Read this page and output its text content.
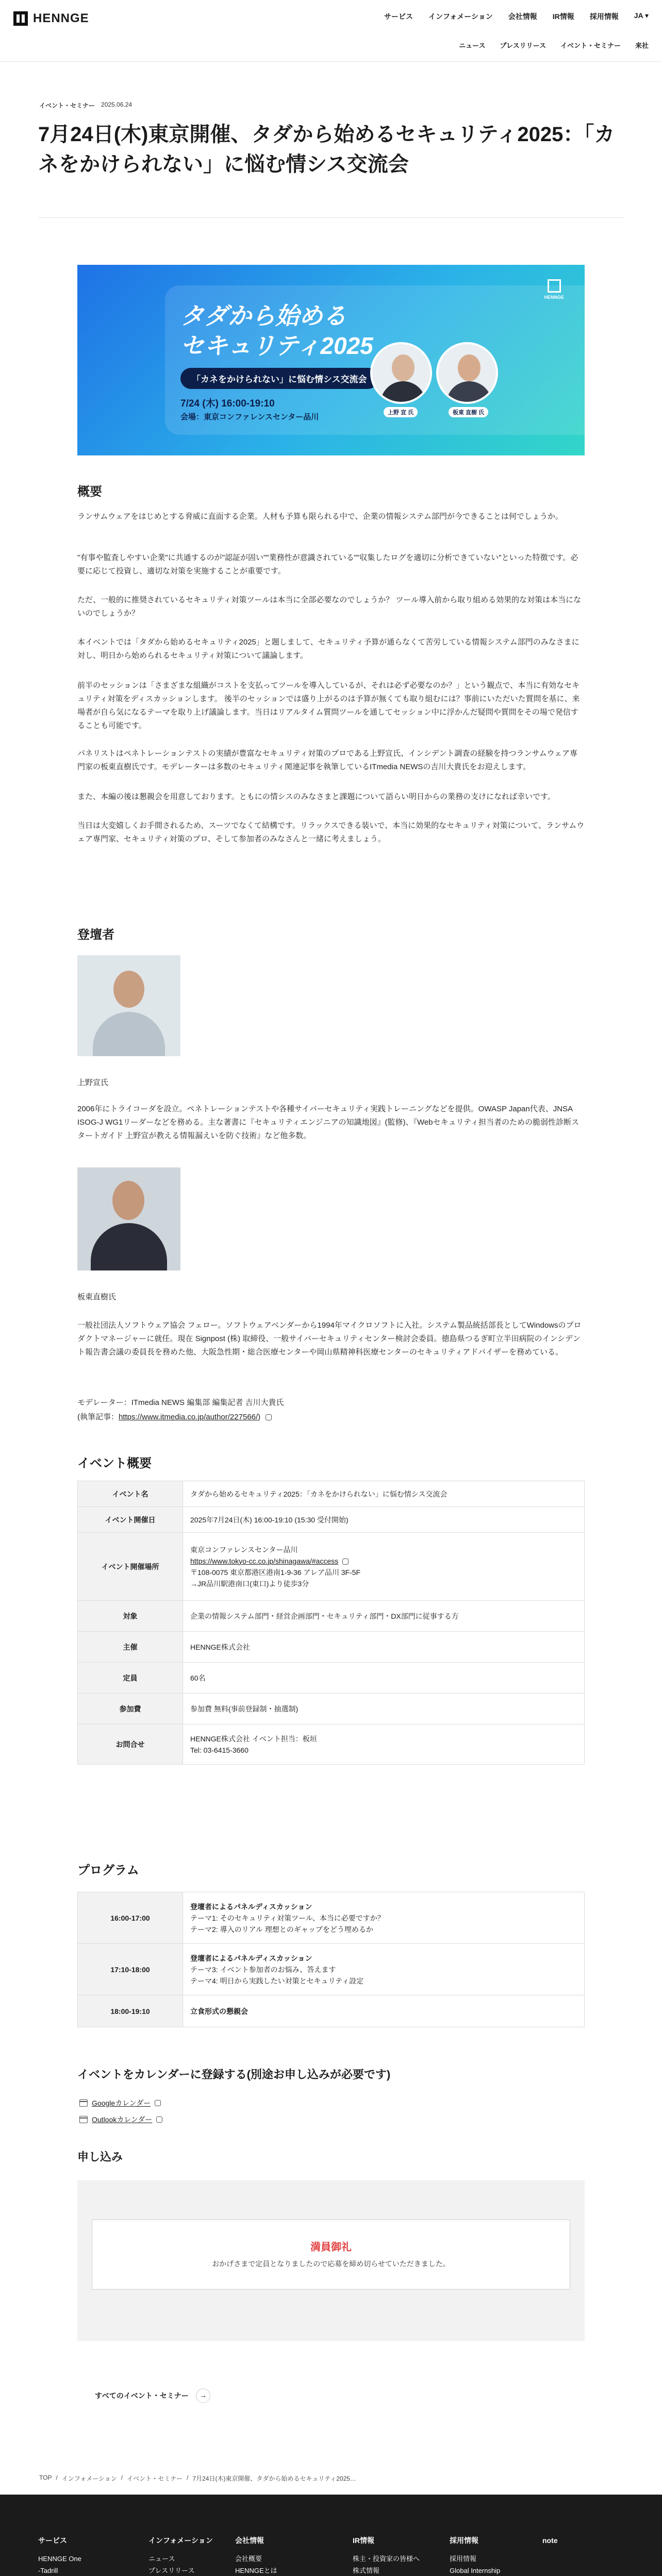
HENNGE	サービス インフォメーション 会社情報 IR情報 採用情報 JA ▾
ニュース プレスリリース イベント・セミナー 来社
イベント・セミナー 2025.06.24
7月24日(木)東京開催、タダから始めるセキュリティ2025：「カネをかけられない」に悩む情シス交流会
タダから始める
セキュリティ2025
「カネをかけられない」に悩む情シス交流会
7/24 (木) 16:00-19:10
会場：東京コンファレンスセンター品川
HENNGE
上野 宣 氏	板東 直樹 氏
概要

ランサムウェアをはじめとする脅威に直面する企業。人材も予算も限られる中で、企業の情報システム部門が今できることは何でしょうか。

"有事や監査しやすい企業"に共通するのが"認証が固い""業務性が意識されている""収集したログを適切に分析できていない"といった特徴です。必要に応じて投資し、適切な対策を実施することが重要です。

ただ、一般的に推奨されているセキュリティ対策ツールは本当に全部必要なのでしょうか？ ツール導入前から取り組める効果的な対策は本当にないのでしょうか？

本イベントでは「タダから始めるセキュリティ2025」と題しまして、セキュリティ予算が通らなくて苦労している情報システム部門のみなさまに対し、明日から始められるセキュリティ対策について議論します。

前半のセッションは「さまざまな組織がコストを支払ってツールを導入しているが、それは必ず必要なのか？」という観点で、本当に有効なセキュリティ対策をディスカッションします。 後半のセッションでは盛り上がるのは予算が無くても取り組むには？事前にいただいた質問を基に、来場者が自ら気になるテーマを取り上げ議論します。当日はリアルタイム質問ツールを通してセッション中に浮かんだ疑問や質問をその場で発信することも可能です。

パネリストはペネトレーションテストの実績が豊富なセキュリティ対策のプロである上野宣氏、インシデント調査の経験を持つランサムウェア専門家の板東直樹氏です。モデレーターは多数のセキュリティ関連記事を執筆しているITmedia NEWSの吉川大貴氏をお迎えします。

また、本編の後は懇親会を用意しております。ともにの情シスのみなさまと課題について語らい明日からの業務の支けになれば幸いです。

当日は大変嬉しくお手間されるため、スーツでなくて結構です。リラックスできる装いで、本当に効果的なセキュリティ対策について、ランサムウェア専門家、セキュリティ対策のプロ、そして参加者のみなさんと一緒に考えましょう。

登壇者

上野宣氏

2006年にトライコーダを設立。ペネトレーションテストや各種サイバーセキュリティ実践トレーニングなどを提供。OWASP Japan代表、JNSA ISOG-J WG1リーダーなどを務める。主な著書に『セキュリティエンジニアの知識地図』(監修)、『Webセキュリティ担当者のための脆弱性診断スタートガイド 上野宣が教える情報漏えいを防ぐ技術』など他多数。

板東直樹氏

一般社団法人ソフトウェア協会 フェロー。ソフトウェアベンダーから1994年マイクロソフトに入社。システム製品統括部長としてWindowsのプロダクトマネージャーに就任。現在 Signpost (株) 取締役、一般サイバーセキュリティセンター検討会委員。徳島県つるぎ町立半田病院のインシデント報告書会議の委員長を務めた他、大阪急性期・総合医療センターや岡山県精神科医療センターのセキュリティアドバイザーを務めている。

モデレーター：ITmedia NEWS 編集部 編集記者 吉川大貴氏

(執筆記事：https://www.itmedia.co.jp/author/227566/)

イベント概要
イベント名	タダから始めるセキュリティ2025：「カネをかけられない」に悩む情シス交流会
イベント開催日	2025年7月24日(木) 16:00-19:10 (15:30 受付開始)
イベント開催場所	東京コンファレンスセンター品川
https://www.tokyo-cc.co.jp/shinagawa/#access
〒108-0075 東京都港区港南1-9-36 アレア品川 3F-5F
→JR品川駅港南口(東口)より徒歩3分

対象	企業の情報システム部門・経営企画部門・セキュリティ部門・DX部門に従事する方
主催	HENNGE株式会社
定員	60名
参加費	参加費 無料(事前登録制・抽選制)
お問合せ	HENNGE株式会社 イベント担当：板垣
Tel: 03-6415-3660
プログラム
16:00-17:00	登壇者によるパネルディスカッション
テーマ1: そのセキュリティ対策ツール、本当に必要ですか？
テーマ2: 導入のリアル 理想とのギャップをどう埋めるか

17:10-18:00	登壇者によるパネルディスカッション
テーマ3: イベント参加者のお悩み、答えます
テーマ4: 明日から実践したい対策とセキュリティ設定

18:00-19:10	立食形式の懇親会
イベントをカレンダーに登録する(別途お申し込みが必要です)
Googleカレンダー
Outlookカレンダー
申し込み
満員御礼
おかげさまで定員となりましたので応募を締め切らせていただきました。
すべてのイベント・セミナー	→
TOP / インフォメーション / イベント・セミナー / 7月24日(木)東京開催、タダから始めるセキュリティ2025…
サービス
HENNGE One
-Tadrill
インフォメーション
ニュース
プレスリリース
会社情報
会社概要
HENNGEとは
IR情報
株主・投資家の皆様へ
株式情報
採用情報
採用情報
Global Internship
note
